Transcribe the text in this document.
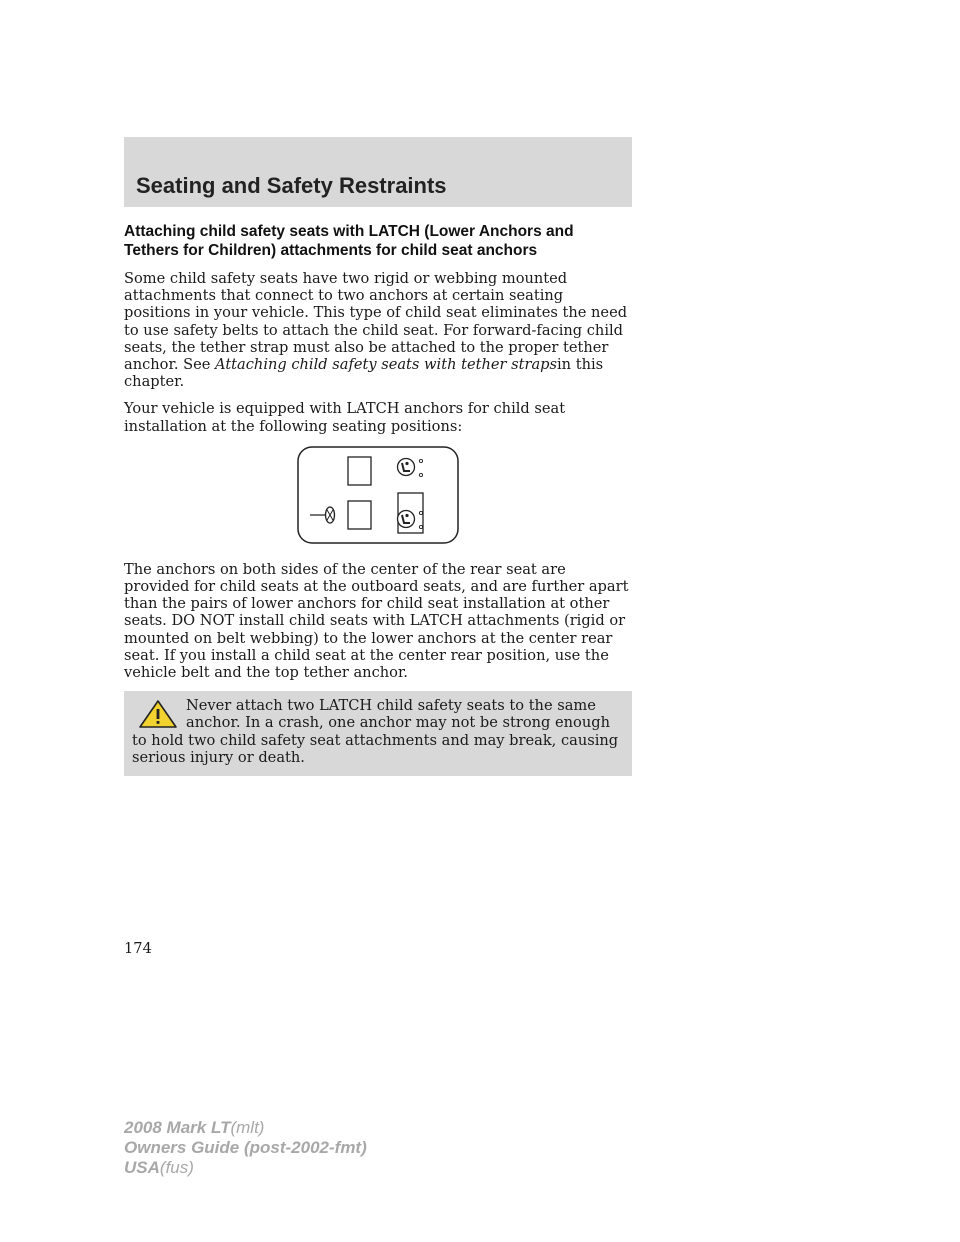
Seating and Safety Restraints
Attaching child safety seats with LATCH (Lower Anchors and Tethers for Children) attachments for child seat anchors

Some child safety seats have two rigid or webbing mounted attachments that connect to two anchors at certain seating positions in your vehicle. This type of child seat eliminates the need to use safety belts to attach the child seat. For forward-facing child seats, the tether strap must also be attached to the proper tether anchor. See Attaching child safety seats with tether strapsin this chapter.

Your vehicle is equipped with LATCH anchors for child seat installation at the following seating positions:

The anchors on both sides of the center of the rear seat are provided for child seats at the outboard seats, and are further apart than the pairs of lower anchors for child seat installation at other seats. DO NOT install child seats with LATCH attachments (rigid or mounted on belt webbing) to the lower anchors at the center rear seat. If you install a child seat at the center rear position, use the vehicle belt and the top tether anchor.

Never attach two LATCH child safety seats to the same anchor. In a crash, one anchor may not be strong enough to hold two child safety seat attachments and may break, causing serious injury or death.

174
2008 Mark LT(mlt)
Owners Guide (post-2002-fmt)
USA(fus)
